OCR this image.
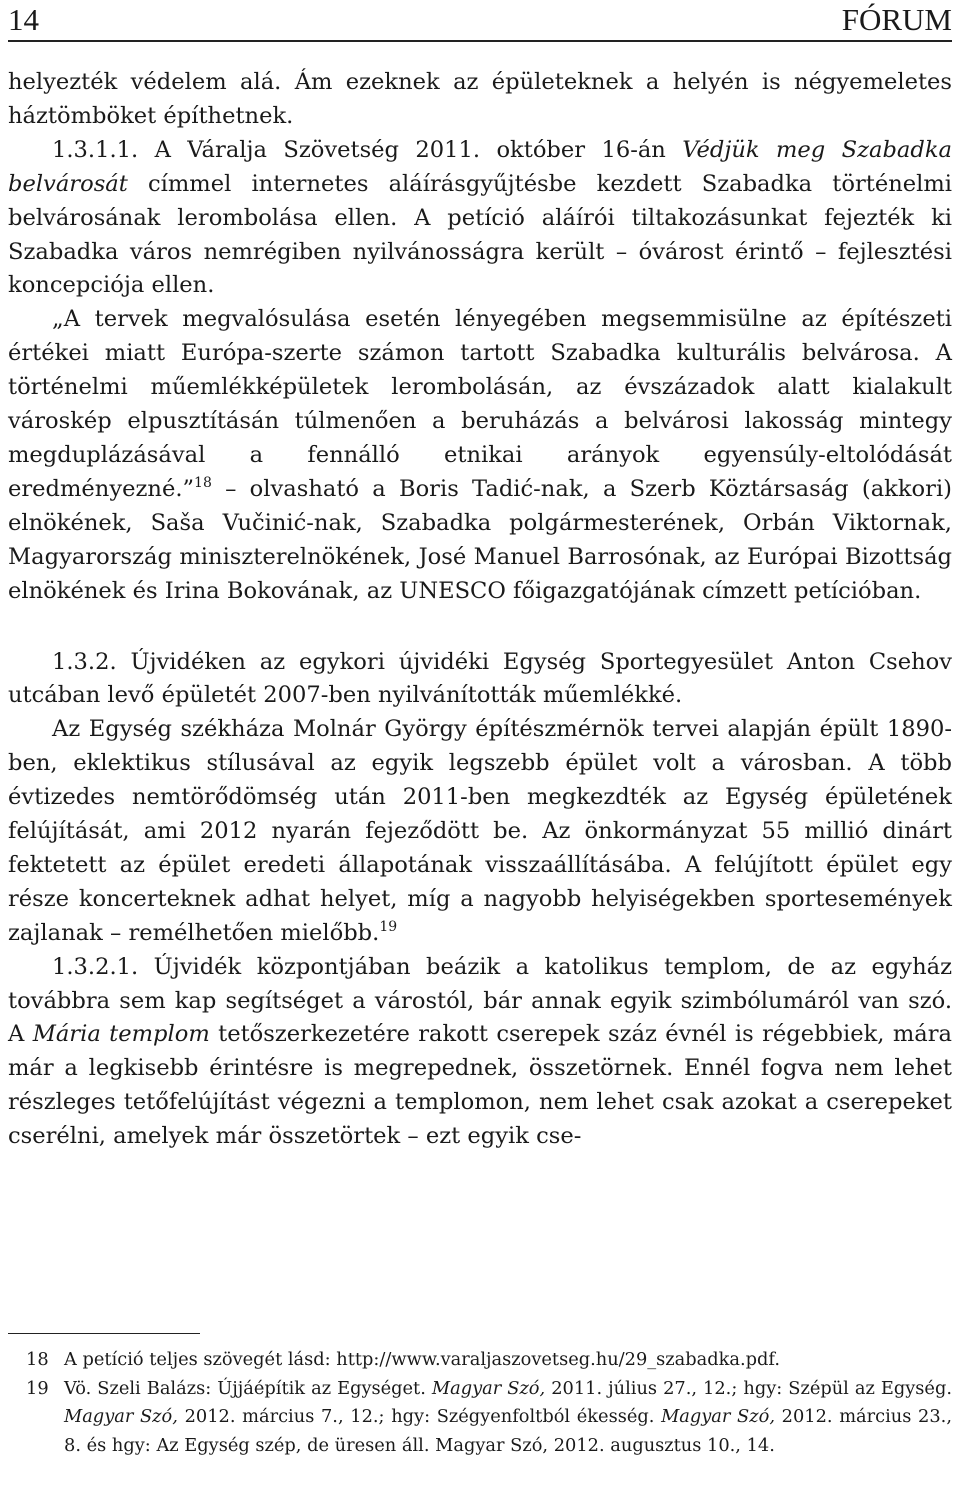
14	FÓRUM

helyezték védelem alá. Ám ezeknek az épületeknek a helyén is négyemeletes háztömböket építhetnek.

1.3.1.1. A Váralja Szövetség 2011. október 16-án Védjük meg Szabadka belvárosát címmel internetes aláírásgyűjtésbe kezdett Szabadka történelmi belvárosának lerombolása ellen. A petíció aláírói tiltakozásunkat fejezték ki Szabadka város nemrégiben nyilvánosságra került – óvárost érintő – fejlesztési koncepciója ellen.

„A tervek megvalósulása esetén lényegében megsemmisülne az építészeti értékei miatt Európa-szerte számon tartott Szabadka kulturális belvárosa. A történelmi műemlékképületek lerombolásán, az évszázadok alatt kialakult városkép elpusztításán túlmenően a beruházás a belvárosi lakosság mintegy megduplázásával a fennálló etnikai arányok egyensúly-eltolódását eredményezné.”$^{18}$ – olvasható a Boris Tadić-nak, a Szerb Köztársaság (akkori) elnökének, Saša Vučinić-nak, Szabadka polgármesterének, Orbán Viktornak, Magyarország miniszterelnökének, José Manuel Barrosónak, az Európai Bizottság elnökének és Irina Bokovának, az UNESCO főigazgatójának címzett petícióban.

1.3.2. Újvidéken az egykori újvidéki Egység Sportegyesület Anton Csehov utcában levő épületét 2007-ben nyilvánították műemlékké.

Az Egység székháza Molnár György építészmérnök tervei alapján épült 1890-ben, eklektikus stílusával az egyik legszebb épület volt a városban. A több évtizedes nemtörődömség után 2011-ben megkezdték az Egység épületének felújítását, ami 2012 nyarán fejeződött be. Az önkormányzat 55 millió dinárt fektetett az épület eredeti állapotának visszaállításába. A felújított épület egy része koncerteknek adhat helyet, míg a nagyobb helyiségekben sportesemények zajlanak – remélhetően mielőbb.$^{19}$

1.3.2.1. Újvidék központjában beázik a katolikus templom, de az egyház továbbra sem kap segítséget a várostól, bár annak egyik szimbólumáról van szó. A Mária templom tetőszerkezetére rakott cserepek száz évnél is régebbiek, mára már a legkisebb érintésre is megrepednek, összetörnek. Ennél fogva nem lehet részleges tetőfelújítást végezni a templomon, nem lehet csak azokat a cserepeket cserélni, amelyek már összetörtek – ezt egyik cse-

18 A petíció teljes szövegét lásd: http://www.varaljaszovetseg.hu/29_szabadka.pdf.

19 Vö. Szeli Balázs: Újjáépítik az Egységet. Magyar Szó, 2011. július 27., 12.; hgy: Szépül az Egység. Magyar Szó, 2012. március 7., 12.; hgy: Szégyenfoltból ékesség. Magyar Szó, 2012. március 23., 8. és hgy: Az Egység szép, de üresen áll. Magyar Szó, 2012. augusztus 10., 14.
